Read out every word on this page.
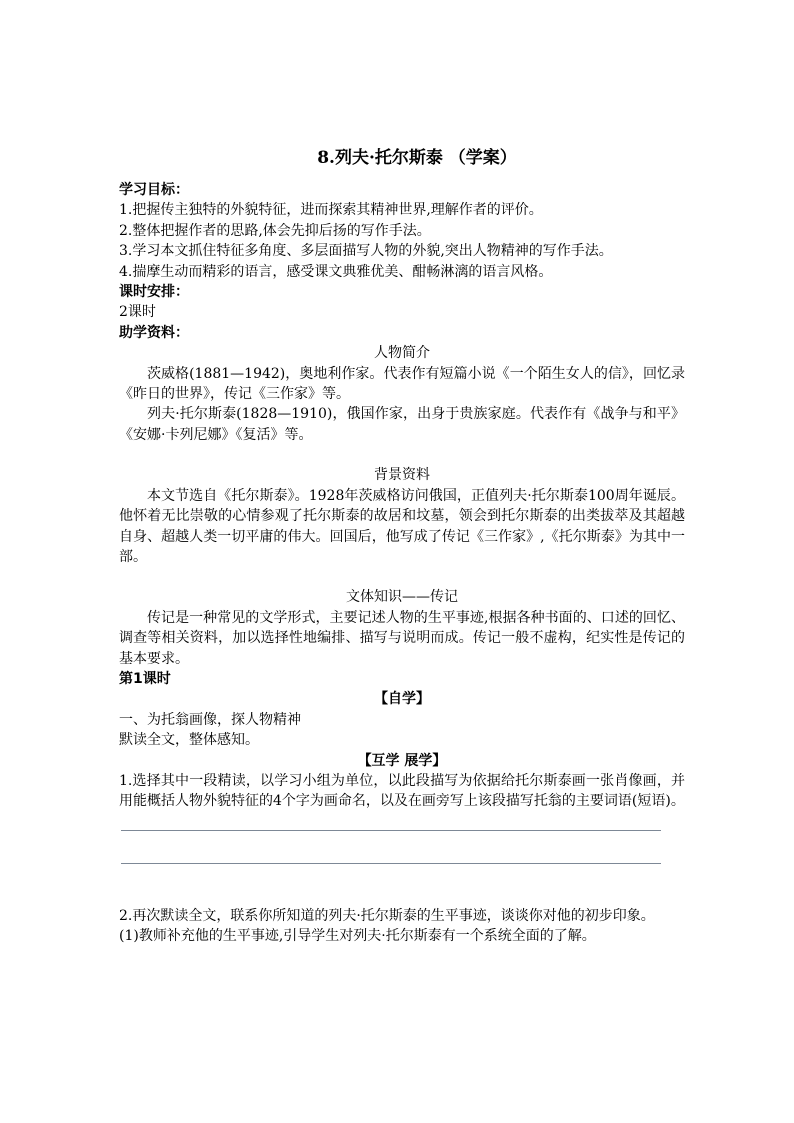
8.列夫·托尔斯泰 （学案）
学习目标：
1.把握传主独特的外貌特征，进而探索其精神世界,理解作者的评价。
2.整体把握作者的思路,体会先抑后扬的写作手法。
3.学习本文抓住特征多角度、多层面描写人物的外貌,突出人物精神的写作手法。
4.揣摩生动而精彩的语言，感受课文典雅优美、酣畅淋漓的语言风格。
课时安排：
2课时
助学资料：
人物简介
茨威格(1881—1942)，奥地利作家。代表作有短篇小说《一个陌生女人的信》，回忆录《昨日的世界》，传记《三作家》等。
列夫·托尔斯泰(1828—1910)，俄国作家，出身于贵族家庭。代表作有《战争与和平》《安娜·卡列尼娜》《复活》等。
背景资料
本文节选自《托尔斯泰》。1928年茨威格访问俄国，正值列夫·托尔斯泰100周年诞辰。他怀着无比崇敬的心情参观了托尔斯泰的故居和坟墓，领会到托尔斯泰的出类拔萃及其超越自身、超越人类一切平庸的伟大。回国后，他写成了传记《三作家》,《托尔斯泰》为其中一部。
文体知识——传记
传记是一种常见的文学形式，主要记述人物的生平事迹,根据各种书面的、口述的回忆、调查等相关资料，加以选择性地编排、描写与说明而成。传记一般不虚构，纪实性是传记的基本要求。
第1课时
【自学】
一、为托翁画像，探人物精神
默读全文，整体感知。
【互学 展学】
1.选择其中一段精读，以学习小组为单位，以此段描写为依据给托尔斯泰画一张肖像画，并用能概括人物外貌特征的4个字为画命名，以及在画旁写上该段描写托翁的主要词语(短语)。
2.再次默读全文，联系你所知道的列夫·托尔斯泰的生平事迹，谈谈你对他的初步印象。
(1)教师补充他的生平事迹,引导学生对列夫·托尔斯泰有一个系统全面的了解。
